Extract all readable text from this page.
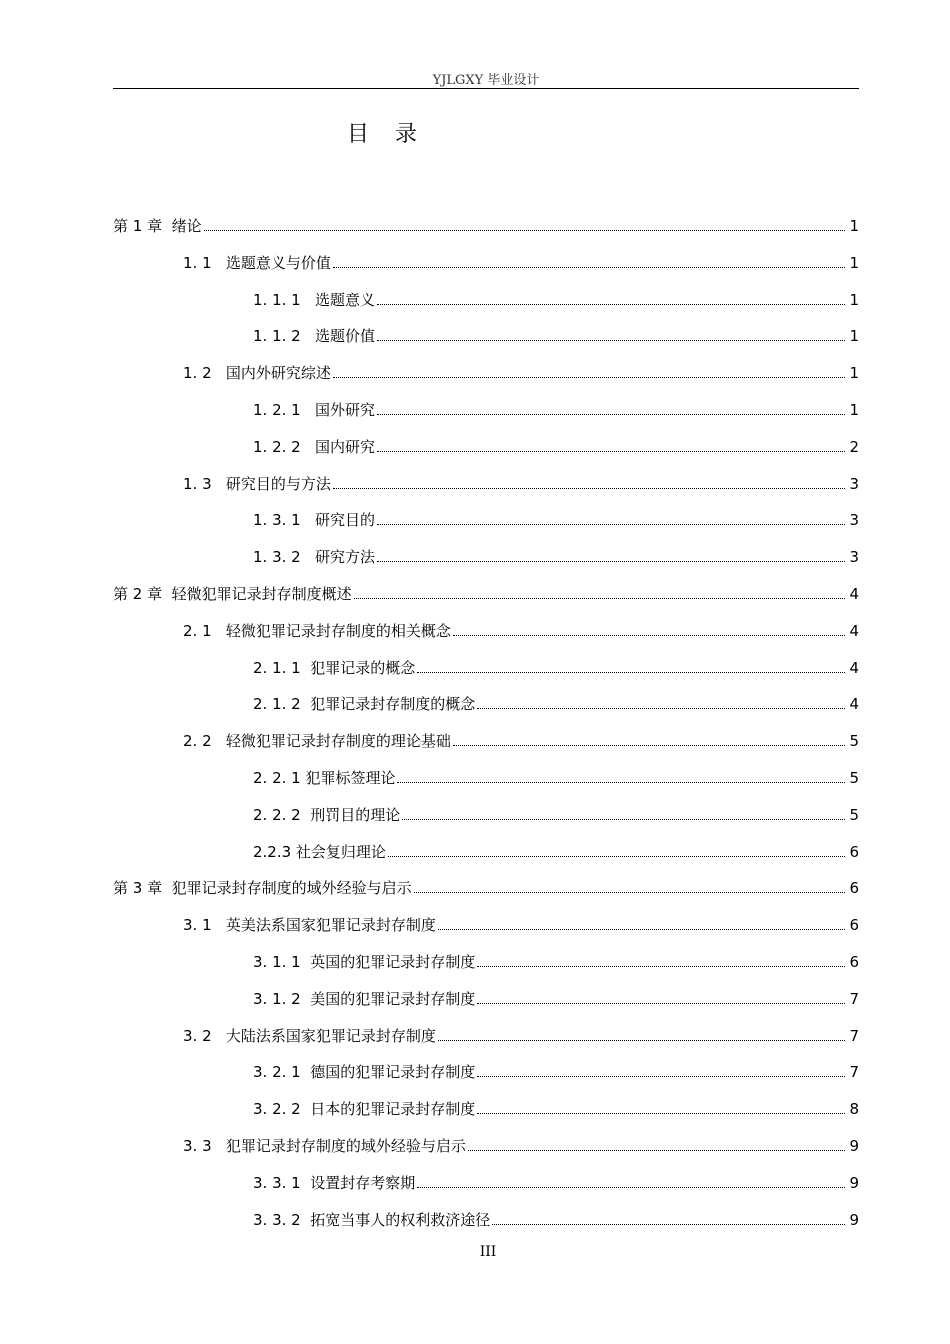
YJLGXY 毕业设计
目录
第 1 章  绪论	1
1. 1   选题意义与价值	1
1. 1. 1   选题意义	1
1. 1. 2   选题价值	1
1. 2   国内外研究综述	1
1. 2. 1   国外研究	1
1. 2. 2   国内研究	2
1. 3   研究目的与方法	3
1. 3. 1   研究目的	3
1. 3. 2   研究方法	3
第 2 章  轻微犯罪记录封存制度概述	4
2. 1   轻微犯罪记录封存制度的相关概念	4
2. 1. 1  犯罪记录的概念	4
2. 1. 2  犯罪记录封存制度的概念	4
2. 2   轻微犯罪记录封存制度的理论基础	5
2. 2. 1 犯罪标签理论	5
2. 2. 2  刑罚目的理论	5
2.2.3 社会复归理论	6
第 3 章  犯罪记录封存制度的域外经验与启示	6
3. 1   英美法系国家犯罪记录封存制度	6
3. 1. 1  英国的犯罪记录封存制度	6
3. 1. 2  美国的犯罪记录封存制度	7
3. 2   大陆法系国家犯罪记录封存制度	7
3. 2. 1  德国的犯罪记录封存制度	7
3. 2. 2  日本的犯罪记录封存制度	8
3. 3   犯罪记录封存制度的域外经验与启示	9
3. 3. 1  设置封存考察期	9
3. 3. 2  拓宽当事人的权利救济途径	9
III
